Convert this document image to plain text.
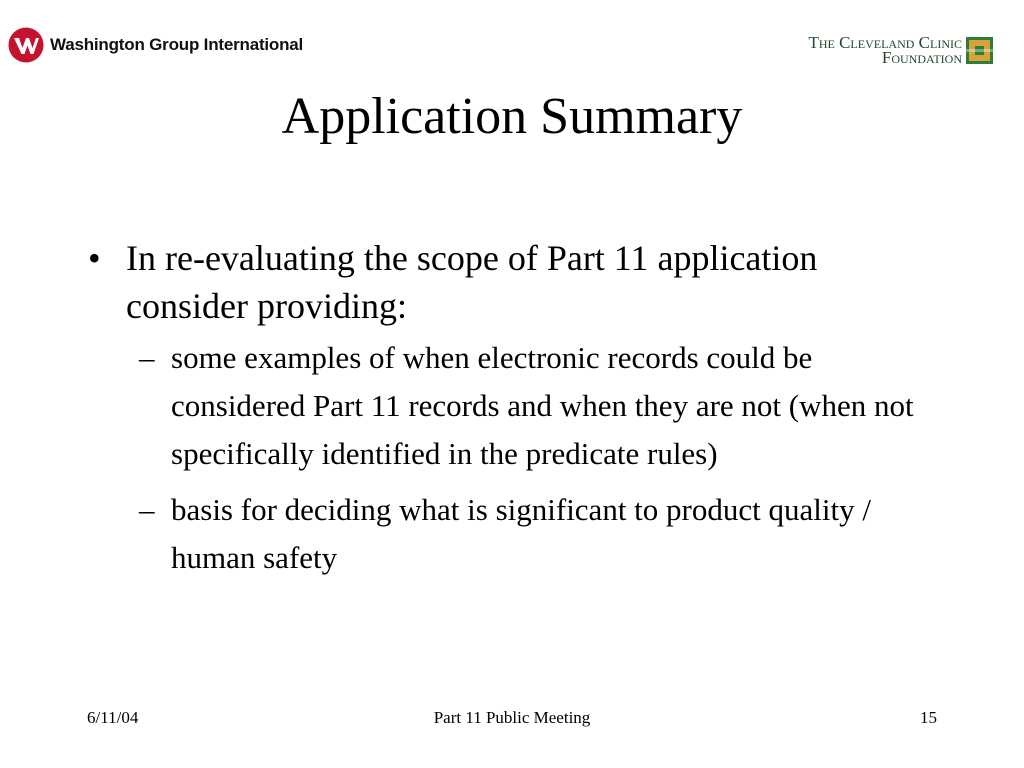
Washington Group International	The Cleveland Clinic
Foundation
Application Summary
• In re-evaluating the scope of Part 11 application consider providing:
– some examples of when electronic records could be considered Part 11 records and when they are not (when not specifically identified in the predicate rules)
– basis for deciding what is significant to product quality / human safety
6/11/04	Part 11 Public Meeting	15
